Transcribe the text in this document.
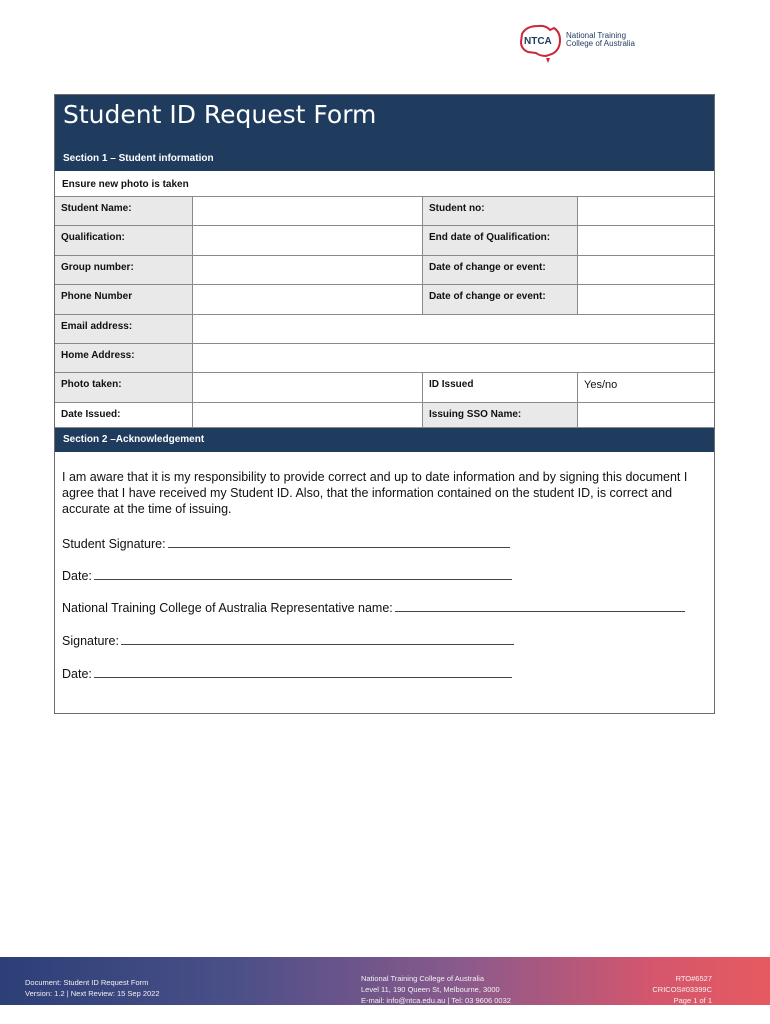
NTCA
National Training
College of Australia
Student ID Request Form
Section 1 – Student information
Ensure new photo is taken
Student Name:	Student no:
Qualification:	End date of Qualification:
Group number:	Date of change or event:
Phone Number	Date of change or event:
Email address:
Home Address:
Photo taken:	ID Issued	Yes/no
Date Issued:	Issuing SSO Name:
Section 2 –Acknowledgement
I am aware that it is my responsibility to provide correct and up to date information and by signing this document I agree that I have received my Student ID. Also, that the information contained on the student ID, is correct and accurate at the time of issuing.
Student Signature:
Date:
National Training College of Australia Representative name:
Signature:
Date:
Document: Student ID Request Form
Version: 1.2 | Next Review: 15 Sep 2022
National Training College of Australia
Level 11, 190 Queen St, Melbourne, 3000
E-mail: info@ntca.edu.au | Tel: 03 9606 0032
RTO#6527
CRICOS#03399C
Page 1 of 1
